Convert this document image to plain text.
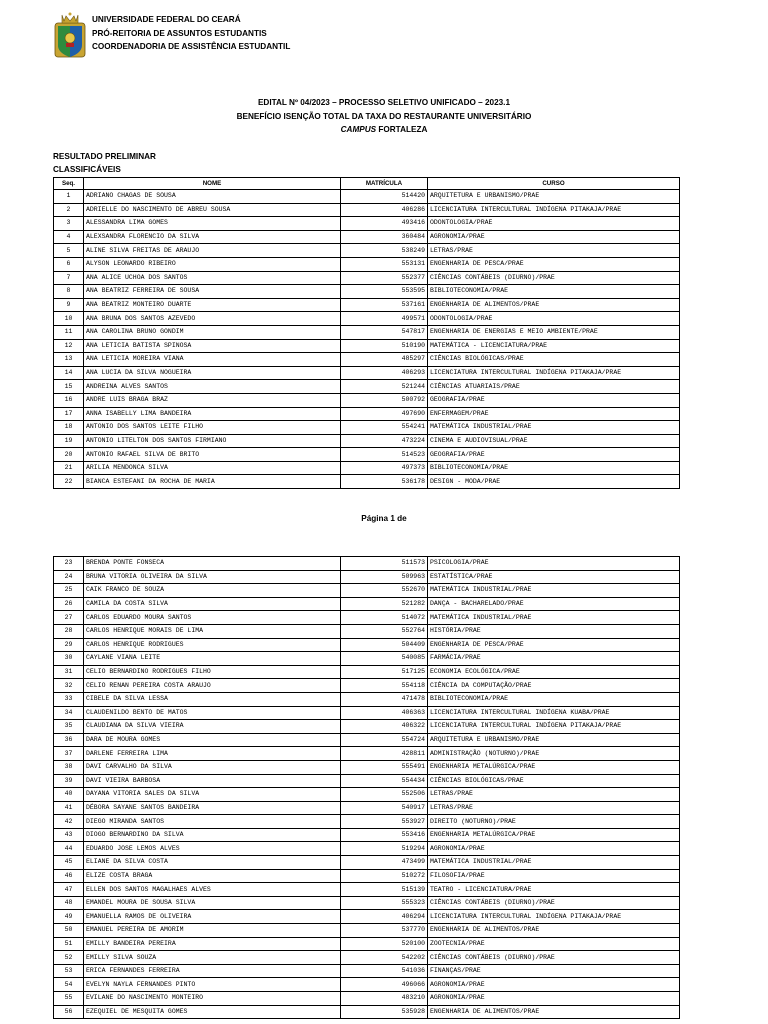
UNIVERSIDADE FEDERAL DO CEARÁ
PRÓ-REITORIA DE ASSUNTOS ESTUDANTIS
COORDENADORIA DE ASSISTÊNCIA ESTUDANTIL
EDITAL Nº 04/2023 – PROCESSO SELETIVO UNIFICADO – 2023.1
BENEFÍCIO ISENÇÃO TOTAL DA TAXA DO RESTAURANTE UNIVERSITÁRIO
CAMPUS FORTALEZA
RESULTADO PRELIMINAR
CLASSIFICÁVEIS
Seq.	NOME	MATRÍCULA	CURSO
1	ADRIANO CHAGAS DE SOUSA	514420	ARQUITETURA E URBANISMO/PRAE
2	ADRIELLE DO NASCIMENTO DE ABREU SOUSA	406286	LICENCIATURA INTERCULTURAL INDÍGENA PITAKAJA/PRAE
3	ALESSANDRA LIMA GOMES	493416	ODONTOLOGIA/PRAE
4	ALEXSANDRA FLORENCIO DA SILVA	360484	AGRONOMIA/PRAE
5	ALINE SILVA FREITAS DE ARAUJO	538249	LETRAS/PRAE
6	ALYSON LEONARDO RIBEIRO	553131	ENGENHARIA DE PESCA/PRAE
7	ANA ALICE UCHOA DOS SANTOS	552377	CIÊNCIAS CONTÁBEIS (DIURNO)/PRAE
8	ANA BEATRIZ FERREIRA DE SOUSA	553595	BIBLIOTECONOMIA/PRAE
9	ANA BEATRIZ MONTEIRO DUARTE	537161	ENGENHARIA DE ALIMENTOS/PRAE
10	ANA BRUNA DOS SANTOS AZEVEDO	499571	ODONTOLOGIA/PRAE
11	ANA CAROLINA BRUNO GONDIM	547817	ENGENHARIA DE ENERGIAS E MEIO AMBIENTE/PRAE
12	ANA LETICIA BATISTA SPINOSA	510190	MATEMÁTICA - LICENCIATURA/PRAE
13	ANA LETICIA MOREIRA VIANA	485297	CIÊNCIAS BIOLÓGICAS/PRAE
14	ANA LUCIA DA SILVA NOGUEIRA	406293	LICENCIATURA INTERCULTURAL INDÍGENA PITAKAJA/PRAE
15	ANDREINA ALVES SANTOS	521244	CIÊNCIAS ATUARIAIS/PRAE
16	ANDRE LUIS BRAGA BRAZ	500792	GEOGRAFIA/PRAE
17	ANNA ISABELLY LIMA BANDEIRA	497690	ENFERMAGEM/PRAE
18	ANTONIO DOS SANTOS LEITE FILHO	554241	MATEMÁTICA INDUSTRIAL/PRAE
19	ANTONIO LITELTON DOS SANTOS FIRMIANO	473224	CINEMA E AUDIOVISUAL/PRAE
20	ANTONIO RAFAEL SILVA DE BRITO	514523	GEOGRAFIA/PRAE
21	ARILIA MENDONCA SILVA	497373	BIBLIOTECONOMIA/PRAE
22	BIANCA ESTEFANI DA ROCHA DE MARIA	536178	DESIGN - MODA/PRAE
Página 1 de
23	BRENDA PONTE FONSECA	511573	PSICOLOGIA/PRAE
24	BRUNA VITORIA OLIVEIRA DA SILVA	509963	ESTATÍSTICA/PRAE
25	CAIK FRANCO DE SOUZA	552670	MATEMÁTICA INDUSTRIAL/PRAE
26	CAMILA DA COSTA SILVA	521282	DANÇA - BACHARELADO/PRAE
27	CARLOS EDUARDO MOURA SANTOS	514072	MATEMÁTICA INDUSTRIAL/PRAE
28	CARLOS HENRIQUE MORAIS DE LIMA	552764	HISTÓRIA/PRAE
29	CARLOS HENRIQUE RODRIGUES	504409	ENGENHARIA DE PESCA/PRAE
30	CAYLANE VIANA LEITE	540085	FARMÁCIA/PRAE
31	CELIO BERNARDINO RODRIGUES FILHO	517125	ECONOMIA ECOLÓGICA/PRAE
32	CELIO RENAN PEREIRA COSTA ARAUJO	554118	CIÊNCIA DA COMPUTAÇÃO/PRAE
33	CIBELE DA SILVA LESSA	471478	BIBLIOTECONOMIA/PRAE
34	CLAUDENILDO BENTO DE MATOS	406363	LICENCIATURA INTERCULTURAL INDÍGENA KUABA/PRAE
35	CLAUDIANA DA SILVA VIEIRA	406322	LICENCIATURA INTERCULTURAL INDÍGENA PITAKAJA/PRAE
36	DARA DE MOURA GOMES	554724	ARQUITETURA E URBANISMO/PRAE
37	DARLENE FERREIRA LIMA	428811	ADMINISTRAÇÃO (NOTURNO)/PRAE
38	DAVI CARVALHO DA SILVA	555491	ENGENHARIA METALÚRGICA/PRAE
39	DAVI VIEIRA BARBOSA	554434	CIÊNCIAS BIOLÓGICAS/PRAE
40	DAYANA VITORIA SALES DA SILVA	552506	LETRAS/PRAE
41	DÉBORA SAYANE SANTOS BANDEIRA	540917	LETRAS/PRAE
42	DIEGO MIRANDA SANTOS	553927	DIREITO (NOTURNO)/PRAE
43	DIOGO BERNARDINO DA SILVA	553416	ENGENHARIA METALÚRGICA/PRAE
44	EDUARDO JOSE LEMOS ALVES	519294	AGRONOMIA/PRAE
45	ELIANE DA SILVA COSTA	473499	MATEMÁTICA INDUSTRIAL/PRAE
46	ELIZE COSTA BRAGA	510272	FILOSOFIA/PRAE
47	ELLEN DOS SANTOS MAGALHAES ALVES	515139	TEATRO - LICENCIATURA/PRAE
48	EMANDEL MOURA DE SOUSA SILVA	555323	CIÊNCIAS CONTÁBEIS (DIURNO)/PRAE
49	EMANUELLA RAMOS DE OLIVEIRA	406294	LICENCIATURA INTERCULTURAL INDÍGENA PITAKAJA/PRAE
50	EMANUEL PEREIRA DE AMORIM	537770	ENGENHARIA DE ALIMENTOS/PRAE
51	EMILLY BANDEIRA PEREIRA	520100	ZOOTECNIA/PRAE
52	EMILLY SILVA SOUZA	542202	CIÊNCIAS CONTÁBEIS (DIURNO)/PRAE
53	ERICA FERNANDES FERREIRA	541036	FINANÇAS/PRAE
54	EVELYN NAYLA FERNANDES PINTO	496066	AGRONOMIA/PRAE
55	EVILANE DO NASCIMENTO MONTEIRO	483210	AGRONOMIA/PRAE
56	EZEQUIEL DE MESQUITA GOMES	535928	ENGENHARIA DE ALIMENTOS/PRAE
